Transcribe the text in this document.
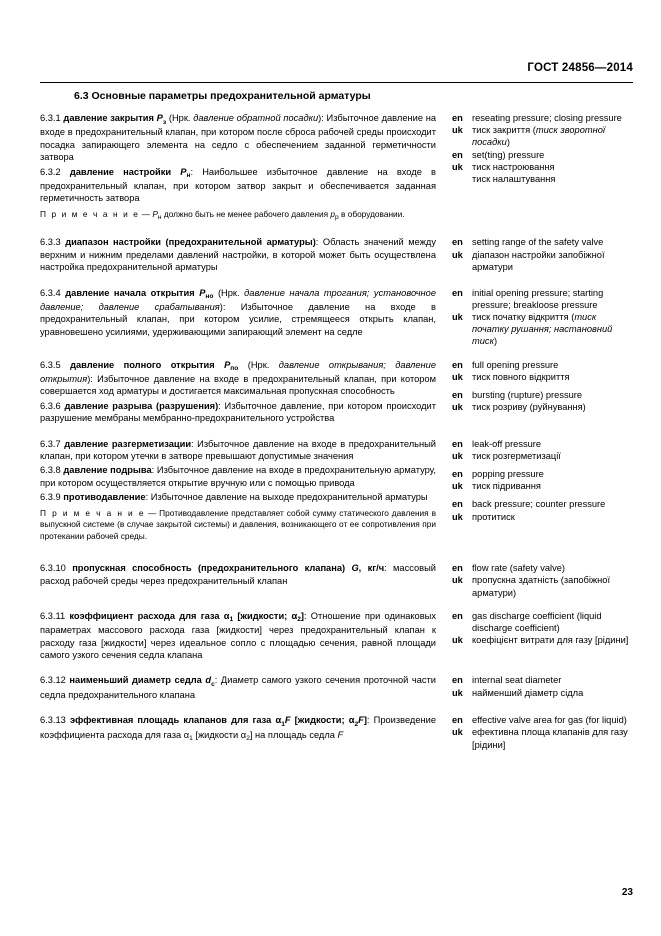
ГОСТ 24856—2014
6.3 Основные параметры предохранительной арматуры

6.3.1 давление закрытия $P_з$ (Нрк. давление обратной посадки): Избыточное давление на входе в предохранительный клапан, при котором после сброса рабочей среды происходит посадка запирающего элемента на седло с обеспечением заданной герметичности затвора

6.3.2 давление настройки $P_н$: Наибольшее избыточное давление на входе в предохранительный клапан, при котором затвор закрыт и обеспечивается заданная герметичность затвора

П р и м е ч а н и е — $P_н$ должно быть не менее рабочего давления $p_p$ в оборудовании.

en reseating pressure; closing pressure
uk тиск закриття (тиск зворотної посадки)
en set(ting) pressure
uk тиск настроювання
тиск налаштування

6.3.3 диапазон настройки (предохранительной арматуры): Область значений между верхним и нижним пределами давлений настройки, в которой может быть осуществлена настройка предохранительной арматуры

en setting range of the safety valve
uk діапазон настройки запобіжної арматури

6.3.4 давление начала открытия $P_{но}$ (Нрк. давление начала трогания; установочное давление; давление срабатывания): Избыточное давление на входе в предохранительный клапан, при котором усилие, стремящееся открыть клапан, уравновешено усилиями, удерживающими запирающий элемент на седле

en initial opening pressure; starting pressure; breakloose pressure
uk тиск початку відкриття (тиск початку рушання; настановний тиск)

6.3.5 давление полного открытия $P_{по}$ (Нрк. давление открывания; давление открытия): Избыточное давление на входе в предохранительный клапан, при котором совершается ход арматуры и достигается максимальная пропускная способность

6.3.6 давление разрыва (разрушения): Избыточное давление, при котором происходит разрушение мембраны мембранно-предохранительного устройства

en full opening pressure
uk тиск повного відкриття
en bursting (rupture) pressure
uk тиск розриву (руйнування)

6.3.7 давление разгерметизации: Избыточное давление на входе в предохранительный клапан, при котором утечки в затворе превышают допустимые значения

6.3.8 давление подрыва: Избыточное давление на входе в предохранительную арматуру, при котором осуществляется открытие вручную или с помощью привода

6.3.9 противодавление: Избыточное давление на выходе предохранительной арматуры

П р и м е ч а н и е — Противодавление представляет собой сумму статического давления в выпускной системе (в случае закрытой системы) и давления, возникающего от ее сопротивления при протекании рабочей среды.

en leak-off pressure
uk тиск розгерметизації
en popping pressure
uk тиск підривання
en back pressure; counter pressure
uk протитиск

6.3.10 пропускная способность (предохранительного клапана) G, кг/ч: массовый расход рабочей среды через предохранительный клапан

en flow rate (safety valve)
uk пропускна здатність (запобіжної арматури)

6.3.11 коэффициент расхода для газа $\alpha_1$ [жидкости; $\alpha_2$]: Отношение при одинаковых параметрах массового расхода газа [жидкости] через предохранительный клапан к расходу газа [жидкости] через идеальное сопло с площадью сечения, равной площади самого узкого сечения седла клапана

en gas discharge coefficient (liquid discharge coefficient)
uk коефіцієнт витрати для газу [рідини]

6.3.12 наименьший диаметр седла $d_с$: Диаметр самого узкого сечения проточной части седла предохранительного клапана

en internal seat diameter
uk найменший діаметр сідла

6.3.13 эффективная площадь клапанов для газа $\alpha_1F$ [жидкости; $\alpha_2F$]: Произведение коэффициента расхода для газа $\alpha_1$ [жидкости $\alpha_2$] на площадь седла F

en effective valve area for gas (for liquid)
uk ефективна площа клапанів для газу [рідини]
23
